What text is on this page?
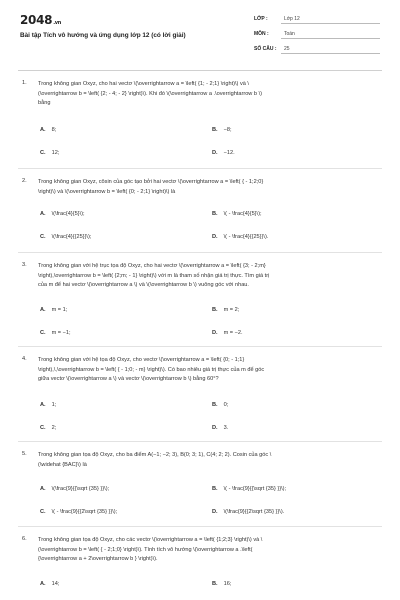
2048.vn
Bài tập Tích vô hướng và ứng dụng lớp 12 (có lời giải)
LỚP :	Lớp 12
MÔN :	Toán
SỐ CÂU : 25
1. Trong không gian Oxyz, cho hai vectơ \(\overrightarrow a = \left( {1; - 2;1} \right)\) và \
(\overrightarrow b = \left( {2; - 4; - 2} \right)\). Khi đó \(\overrightarrow a .\overrightarrow b \)
bằng
A. 8;	B. −8;
C. 12;	D. −12.
2. Trong không gian Oxyz, côsin của góc tạo bởi hai vectơ \(\overrightarrow a = \left( { - 1;2;0}
\right)\) và \(\overrightarrow b = \left( {0; - 2;1} \right)\) là
A. \(\frac{4}{5}\);	B. \( - \frac{4}{5}\);
C. \(\frac{4}{{25}}\);	D. \( - \frac{4}{{25}}\).
3. Trong không gian với hệ trục tọa độ Oxyz, cho hai vectơ \(\overrightarrow a = \left( {3; - 2;m}
\right),\overrightarrow b = \left( {2;m; - 1} \right)\) với m là tham số nhận giá trị thực. Tìm giá trị
của m để hai vectơ \(\overrightarrow a \) và \(\overrightarrow b \) vuông góc với nhau.
A. m = 1;	B. m = 2;
C. m = −1;	D. m = −2.
4. Trong không gian với hệ tọa độ Oxyz, cho vectơ \(\overrightarrow a = \left( {0; - 1;1}
\right),\,\overrightarrow b = \left( { - 1;0; - m} \right)\). Có bao nhiêu giá trị thực của m để góc
giữa vectơ \(\overrightarrow a \) và vectơ \(\overrightarrow b \) bằng 60°?
A. 1;	B. 0;
C. 2;	D. 3.
5. Trong không gian tọa độ Oxyz, cho ba điểm A(−1; −2; 3), B(0; 3; 1), C(4; 2; 2). Cosin của góc \
(\widehat {BAC}\) là
A. \(\frac{9}{{\sqrt {35} }}\);	B. \( - \frac{9}{{\sqrt {35} }}\);
C. \( - \frac{9}{{2\sqrt {35} }}\);	D. \(\frac{9}{{2\sqrt {35} }}\).
6. Trong không gian tọa độ Oxyz, cho các vectơ \(\overrightarrow a = \left( {1;2;3} \right)\) và \
(\overrightarrow b = \left( { - 2;1;0} \right)\). Tính tích vô hướng \(\overrightarrow a .\left(
{\overrightarrow a + 2\overrightarrow b } \right)\).
A. 14;	B. 16;
